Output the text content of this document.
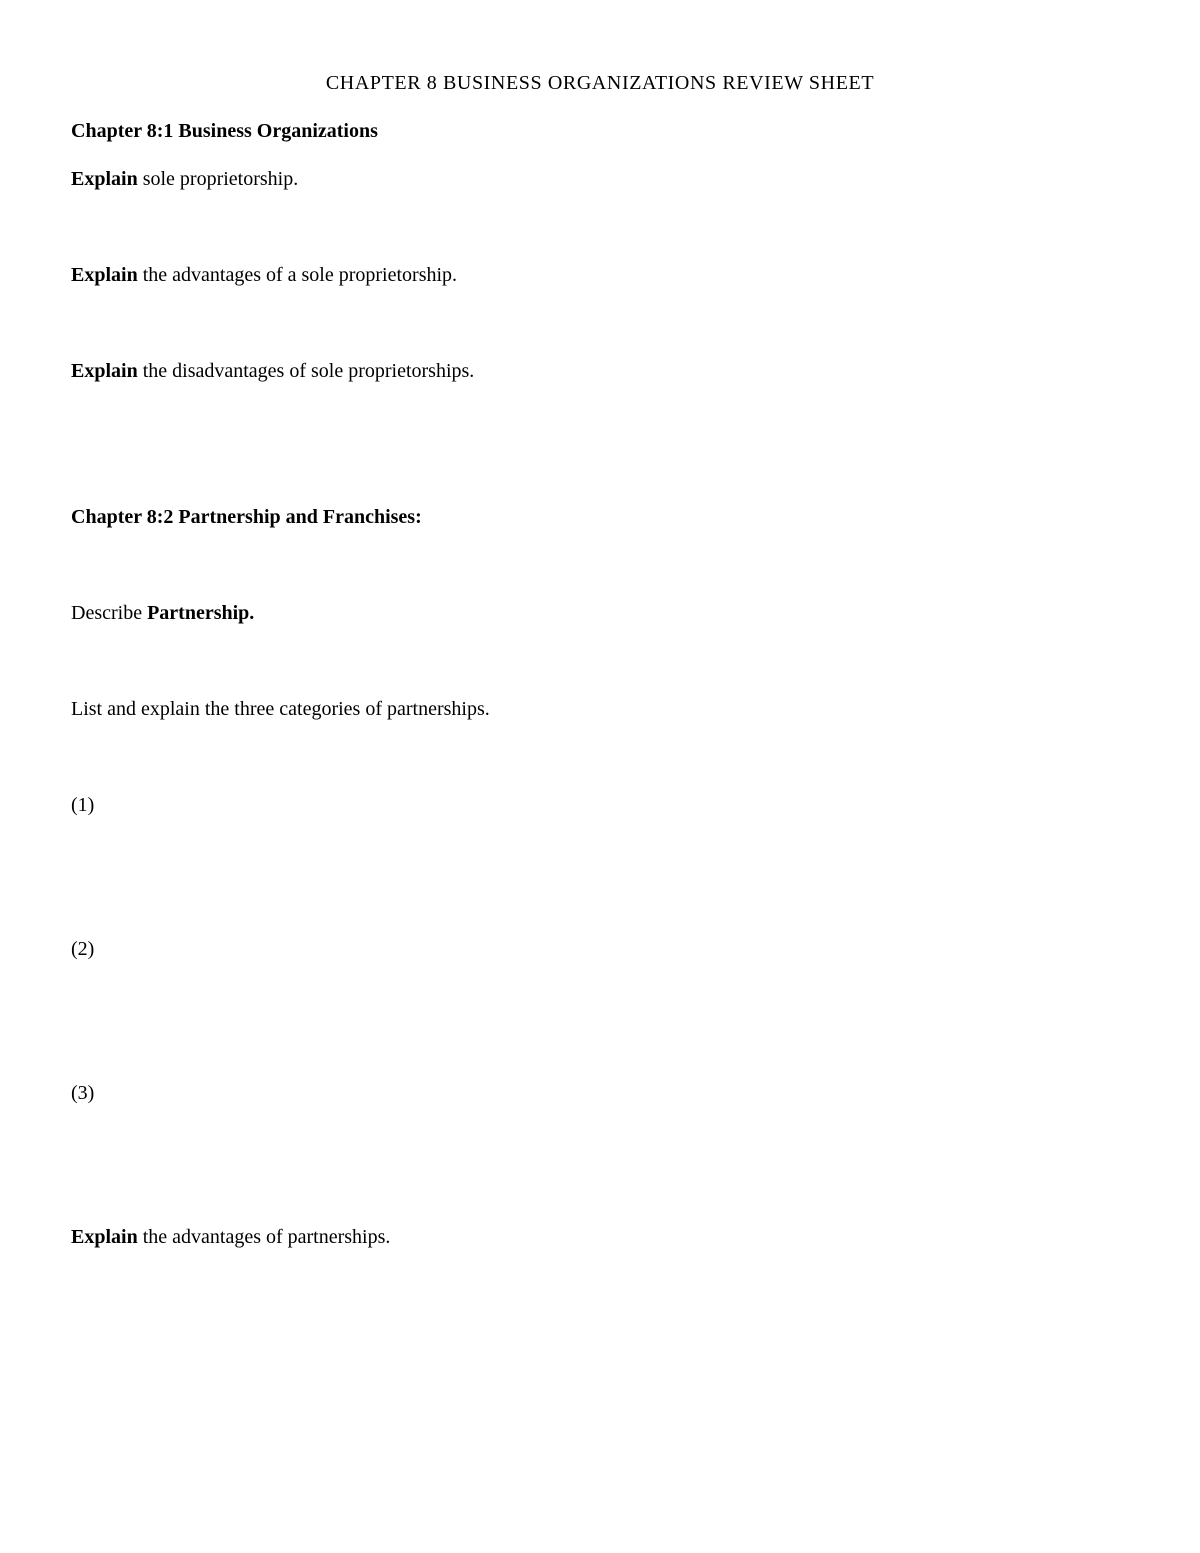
CHAPTER 8 BUSINESS ORGANIZATIONS REVIEW SHEET
Chapter 8:1 Business Organizations
Explain sole proprietorship.
Explain the advantages of a sole proprietorship.
Explain the disadvantages of sole proprietorships.
Chapter 8:2 Partnership and Franchises:
Describe Partnership.
List and explain the three categories of partnerships.
(1)
(2)
(3)
Explain the advantages of partnerships.
